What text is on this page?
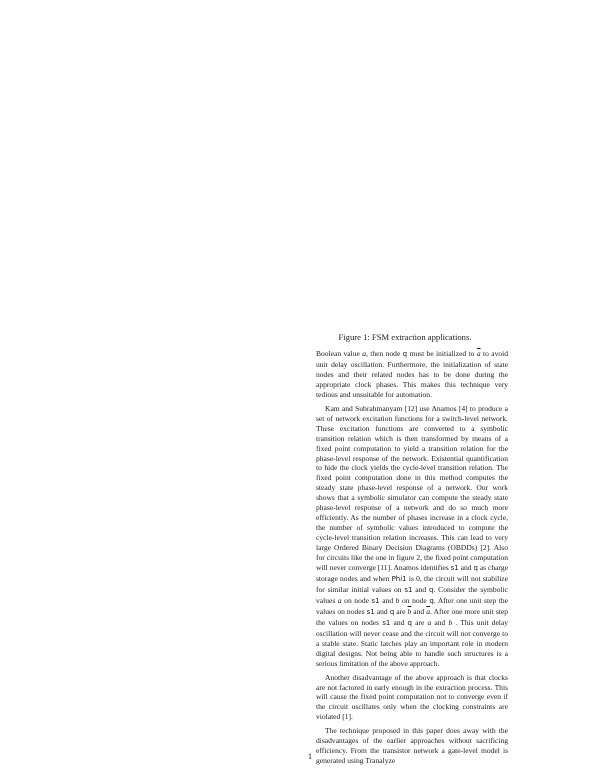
Figure 1: FSM extraction applications.

Boolean value a, then node q must be initialized to $\overline{a}$ to avoid unit delay oscillation. Furthermore, the initialization of state nodes and their related nodes has to be done during the appropriate clock phases. This makes this technique very tedious and unsuitable for automation.

Kam and Subrahmanyam [12] use Anamos [4] to produce a set of network excitation functions for a switch-level network. These excitation functions are converted to a symbolic transition relation which is then transformed by means of a fixed point computation to yield a transition relation for the phase-level response of the network. Existential quantification to hide the clock yields the cycle-level transition relation. The fixed point computation done in this method computes the steady state phase-level response of a network. Our work shows that a symbolic simulator can compute the steady state phase-level response of a network and do so much more efficiently. As the number of phases increase in a clock cycle, the number of symbolic values introduced to compute the cycle-level transition relation increases. This can lead to very large Ordered Binary Decision Diagrams (OBDDs) [2]. Also for circuits like the one in figure 2, the fixed point computation will never converge [11]. Anamos identifies s1 and q as charge storage nodes and when Phi1 is 0, the circuit will not stabilize for similar initial values on s1 and q. Consider the symbolic values a on node s1 and b on node q. After one unit step the values on nodes s1 and q are $\overline{b}$ and $\overline{a}$. After one more unit step the values on nodes s1 and q are a and b . This unit delay oscillation will never cease and the circuit will not converge to a stable state. Static latches play an important role in modern digital designs. Not being able to handle such structures is a serious limitation of the above approach.

Another disadvantage of the above approach is that clocks are not factored in early enough in the extraction process. This will cause the fixed point computation not to converge even if the circuit oscillates only when the clocking constraints are violated [1].

The technique proposed in this paper does away with the disadvantages of the earlier approaches without sacrificing efficiency. From the transistor network a gate-level model is generated using Tranalyze

1
